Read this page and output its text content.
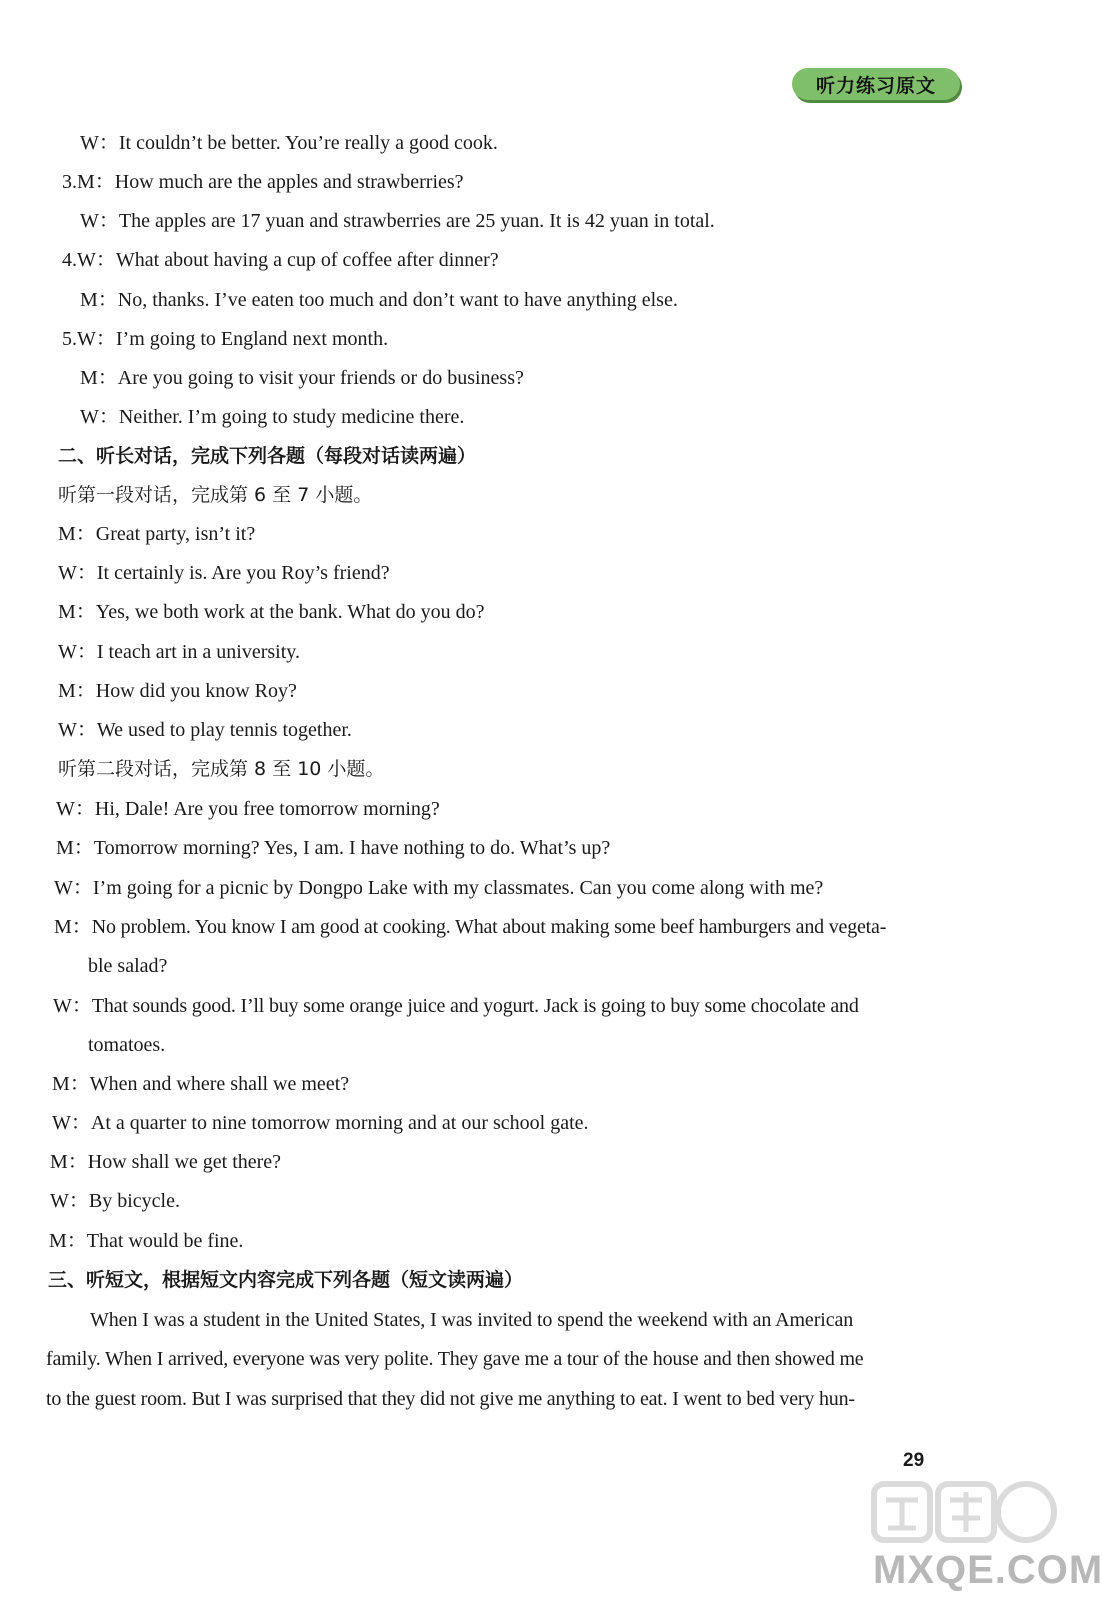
听力练习原文
W：It couldn’t be better. You’re really a good cook.
3.M：How much are the apples and strawberries?
W：The apples are 17 yuan and strawberries are 25 yuan. It is 42 yuan in total.
4.W：What about having a cup of coffee after dinner?
M：No, thanks. I’ve eaten too much and don’t want to have anything else.
5.W：I’m going to England next month.
M：Are you going to visit your friends or do business?
W：Neither. I’m going to study medicine there.
二、听长对话，完成下列各题（每段对话读两遍）
听第一段对话，完成第 6 至 7 小题。
M：Great party, isn’t it?
W：It certainly is. Are you Roy’s friend?
M：Yes, we both work at the bank. What do you do?
W：I teach art in a university.
M：How did you know Roy?
W：We used to play tennis together.
听第二段对话，完成第 8 至 10 小题。
W：Hi, Dale! Are you free tomorrow morning?
M：Tomorrow morning? Yes, I am. I have nothing to do. What’s up?
W：I’m going for a picnic by Dongpo Lake with my classmates. Can you come along with me?
M：No problem. You know I am good at cooking. What about making some beef hamburgers and vegeta-
ble salad?
W：That sounds good. I’ll buy some orange juice and yogurt. Jack is going to buy some chocolate and
tomatoes.
M：When and where shall we meet?
W：At a quarter to nine tomorrow morning and at our school gate.
M：How shall we get there?
W：By bicycle.
M：That would be fine.
三、听短文，根据短文内容完成下列各题（短文读两遍）
When I was a student in the United States, I was invited to spend the weekend with an American
family. When I arrived, everyone was very polite. They gave me a tour of the house and then showed me
to the guest room. But I was surprised that they did not give me anything to eat. I went to bed very hun-
29
MXQE.COM
